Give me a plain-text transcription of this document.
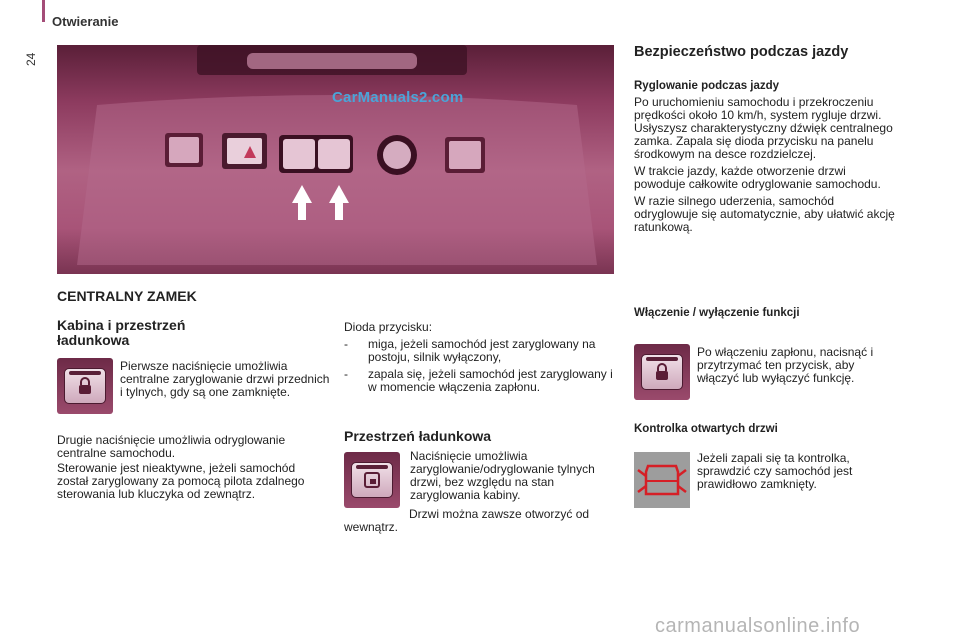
Otwieranie
24
CarManuals2.com
CENTRALNY ZAMEK
Kabina i przestrzeń ładunkowa
Pierwsze naciśnięcie umożliwia centralne zaryglowanie drzwi przednich i tylnych, gdy są one zamknięte.
Drugie naciśnięcie umożliwia odryglowanie centralne samochodu.
Sterowanie jest nieaktywne, jeżeli samochód został zaryglowany za pomocą pilota zdalnego sterowania lub kluczyka od zewnątrz.

Dioda przycisku:

-	miga, jeżeli samochód jest zaryglowany na postoju, silnik wyłączony,
-	zapala się, jeżeli samochód jest zaryglowany i w momencie włączenia zapłonu.
Przestrzeń ładunkowa
Naciśnięcie umożliwia zaryglowanie/odryglowanie tylnych drzwi, bez względu na stan zaryglowania kabiny.
Drzwi można zawsze otworzyć od wewnątrz.
Bezpieczeństwo podczas jazdy
Ryglowanie podczas jazdy

Po uruchomieniu samochodu i przekroczeniu prędkości około 10 km/h, system rygluje drzwi. Usłyszysz charakterystyczny dźwięk centralnego zamka. Zapala się dioda przycisku na panelu środkowym na desce rozdzielczej.

W trakcie jazdy, każde otworzenie drzwi powoduje całkowite odryglowanie samochodu.

W razie silnego uderzenia, samochód odryglowuje się automatycznie, aby ułatwić akcję ratunkową.

Włączenie / wyłączenie funkcji
Po włączeniu zapłonu, nacisnąć i przytrzymać ten przycisk, aby włączyć lub wyłączyć funkcję.
Kontrolka otwartych drzwi
Jeżeli zapali się ta kontrolka, sprawdzić czy samochód jest prawidłowo zamknięty.
carmanualsonline.info
